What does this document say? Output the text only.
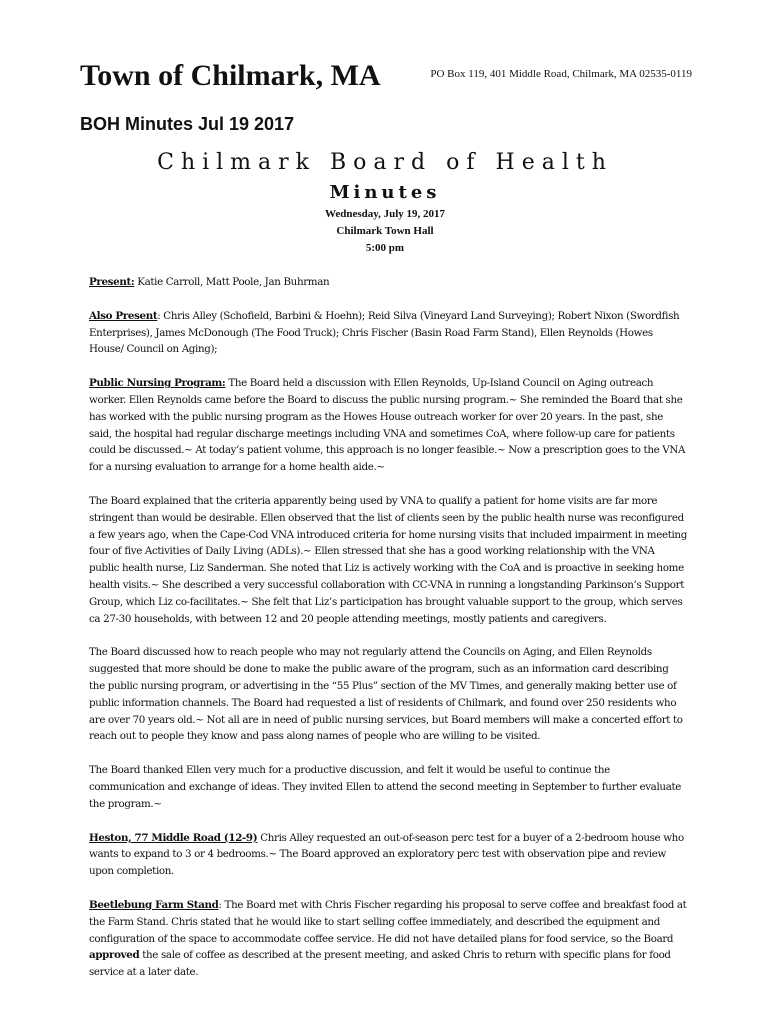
Town of Chilmark, MA	PO Box 119, 401 Middle Road, Chilmark, MA 02535-0119
BOH Minutes Jul 19 2017
Chilmark Board of Health
Minutes
Wednesday, July 19, 2017
Chilmark Town Hall
5:00 pm

Present: Katie Carroll, Matt Poole, Jan Buhrman

Also Present: Chris Alley (Schofield, Barbini & Hoehn); Reid Silva (Vineyard Land Surveying); Robert Nixon (Swordfish Enterprises), James McDonough (The Food Truck); Chris Fischer (Basin Road Farm Stand), Ellen Reynolds (Howes House/ Council on Aging);

Public Nursing Program: The Board held a discussion with Ellen Reynolds, Up-Island Council on Aging outreach worker. Ellen Reynolds came before the Board to discuss the public nursing program.~ She reminded the Board that she has worked with the public nursing program as the Howes House outreach worker for over 20 years. In the past, she said, the hospital had regular discharge meetings including VNA and sometimes CoA, where follow-up care for patients could be discussed.~ At today’s patient volume, this approach is no longer feasible.~ Now a prescription goes to the VNA for a nursing evaluation to arrange for a home health aide.~

The Board explained that the criteria apparently being used by VNA to qualify a patient for home visits are far more stringent than would be desirable. Ellen observed that the list of clients seen by the public health nurse was reconfigured a few years ago, when the Cape-Cod VNA introduced criteria for home nursing visits that included impairment in meeting four of five Activities of Daily Living (ADLs).~ Ellen stressed that she has a good working relationship with the VNA public health nurse, Liz Sanderman. She noted that Liz is actively working with the CoA and is proactive in seeking home health visits.~ She described a very successful collaboration with CC-VNA in running a longstanding Parkinson’s Support Group, which Liz co-facilitates.~ She felt that Liz’s participation has brought valuable support to the group, which serves ca 27-30 households, with between 12 and 20 people attending meetings, mostly patients and caregivers.

The Board discussed how to reach people who may not regularly attend the Councils on Aging, and Ellen Reynolds suggested that more should be done to make the public aware of the program, such as an information card describing the public nursing program, or advertising in the “55 Plus” section of the MV Times, and generally making better use of public information channels. The Board had requested a list of residents of Chilmark, and found over 250 residents who are over 70 years old.~ Not all are in need of public nursing services, but Board members will make a concerted effort to reach out to people they know and pass along names of people who are willing to be visited.

The Board thanked Ellen very much for a productive discussion, and felt it would be useful to continue the communication and exchange of ideas. They invited Ellen to attend the second meeting in September to further evaluate the program.~

Heston, 77 Middle Road (12-9) Chris Alley requested an out-of-season perc test for a buyer of a 2-bedroom house who wants to expand to 3 or 4 bedrooms.~ The Board approved an exploratory perc test with observation pipe and review upon completion.

Beetlebung Farm Stand: The Board met with Chris Fischer regarding his proposal to serve coffee and breakfast food at the Farm Stand. Chris stated that he would like to start selling coffee immediately, and described the equipment and configuration of the space to accommodate coffee service. He did not have detailed plans for food service, so the Board approved the sale of coffee as described at the present meeting, and asked Chris to return with specific plans for food service at a later date.
